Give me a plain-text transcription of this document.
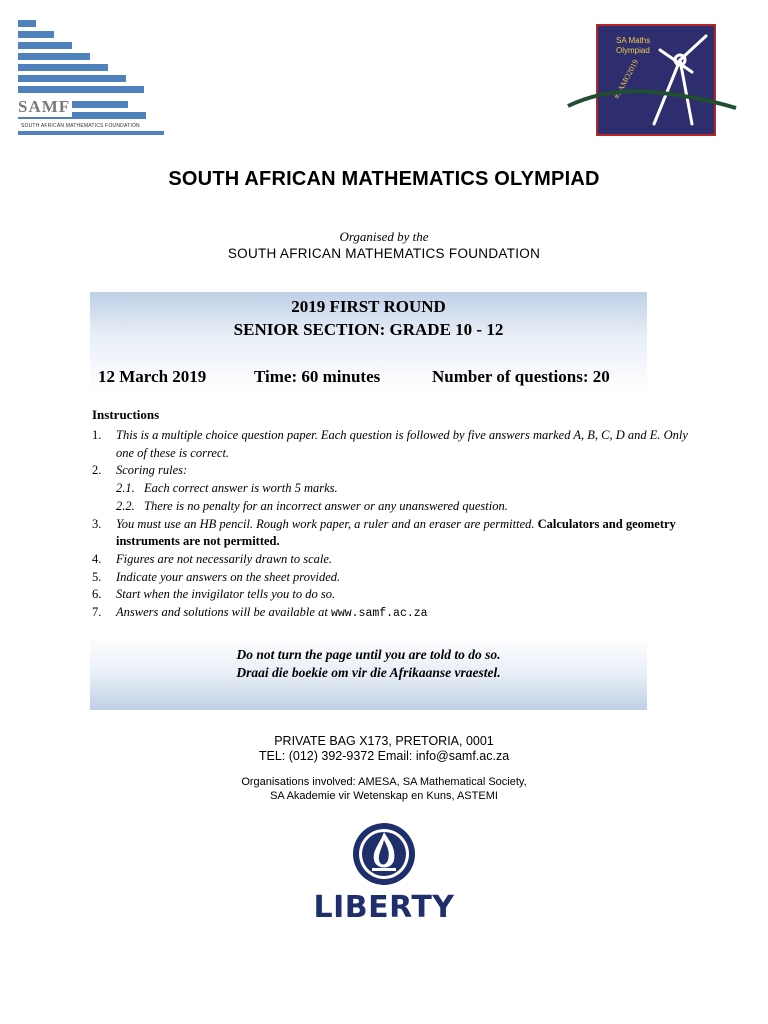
SAMF
SOUTH AFRICAN MATHEMATICS FOUNDATION
SA Maths
Olympiad
#SAMO2019
SOUTH AFRICAN MATHEMATICS OLYMPIAD
Organised by the
SOUTH AFRICAN MATHEMATICS FOUNDATION
2019 FIRST ROUND
SENIOR SECTION: GRADE 10 - 12
12 March 2019	Time: 60 minutes	Number of questions: 20
Instructions
1. This is a multiple choice question paper. Each question is followed by five answers marked A, B, C, D and E. Only one of these is correct.
2. Scoring rules:
2.1. Each correct answer is worth 5 marks.
2.2. There is no penalty for an incorrect answer or any unanswered question.
3. You must use an HB pencil. Rough work paper, a ruler and an eraser are permitted. Calculators and geometry instruments are not permitted.
4. Figures are not necessarily drawn to scale.
5. Indicate your answers on the sheet provided.
6. Start when the invigilator tells you to do so.
7. Answers and solutions will be available at www.samf.ac.za
Do not turn the page until you are told to do so.
Draai die boekie om vir die Afrikaanse vraestel.
PRIVATE BAG X173, PRETORIA, 0001
TEL: (012) 392-9372 Email: info@samf.ac.za
Organisations involved: AMESA, SA Mathematical Society,
SA Akademie vir Wetenskap en Kuns, ASTEMI
LIBERTY
